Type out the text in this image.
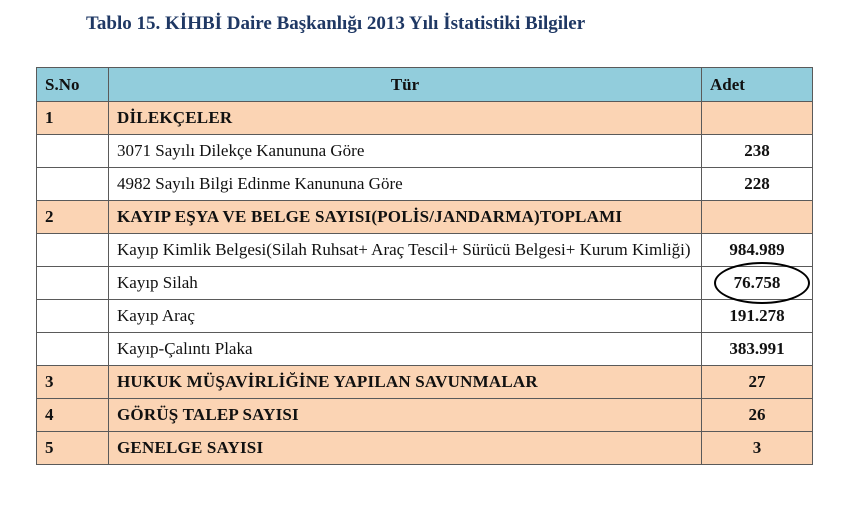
Tablo 15. KİHBİ Daire Başkanlığı 2013 Yılı İstatistiki Bilgiler
S.No	Tür	Adet
1	DİLEKÇELER	
	3071 Sayılı Dilekçe Kanununa Göre	238
	4982 Sayılı Bilgi Edinme Kanununa Göre	228
2	KAYIP EŞYA VE BELGE SAYISI(POLİS/JANDARMA)TOPLAMI	
	Kayıp Kimlik Belgesi(Silah Ruhsat+ Araç Tescil+ Sürücü Belgesi+ Kurum Kimliği)	984.989
	Kayıp Silah	76.758
	Kayıp Araç	191.278
	Kayıp-Çalıntı Plaka	383.991
3	HUKUK MÜŞAVİRLİĞİNE YAPILAN SAVUNMALAR	27
4	GÖRÜŞ TALEP SAYISI	26
5	GENELGE SAYISI	3
